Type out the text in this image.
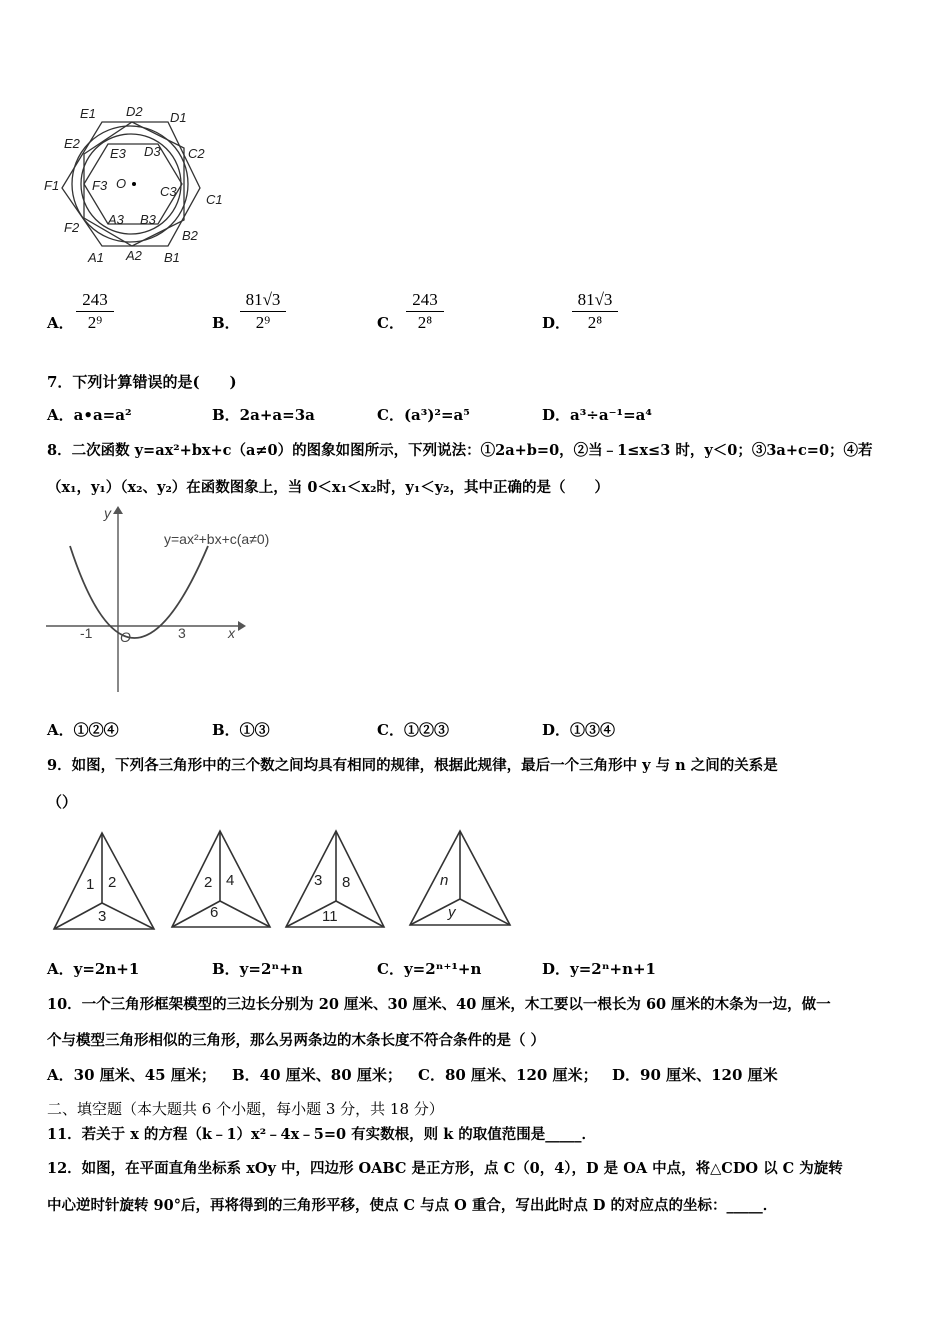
E1 D2 D1
E2
E3 D3 C2
F1	F3 O
C3
C1
F2
A3 B3
B2
A1 A2 B1
A．
243
2⁹	B．
81√3
2⁹	C．
243
2⁸	D．
81√3
2⁸
7．下列计算错误的是(　　)
A．a•a=a²	B．2a+a=3a	C．(a³)²=a⁵	D．a³÷a⁻¹=a⁴
8．二次函数 y=ax²+bx+c（a≠0）的图象如图所示，下列说法：①2a+b=0，②当﹣1≤x≤3 时，y＜0；③3a+c=0；④若
（x₁，y₁）（x₂、y₂）在函数图象上，当 0＜x₁＜x₂时，y₁＜y₂，其中正确的是（　　）
y
x
O
-1	3
y=ax²+bx+c(a≠0)
A．①②④	B．①③	C．①②③	D．①③④
9．如图，下列各三角形中的三个数之间均具有相同的规律，根据此规律，最后一个三角形中 y 与 n 之间的关系是
（）
1 2
3
2 4
6
3 8
11
n
y
A．y=2n+1	B．y=2ⁿ+n	C．y=2ⁿ⁺¹+n	D．y=2ⁿ+n+1
10．一个三角形框架模型的三边长分别为 20 厘米、30 厘米、40 厘米，木工要以一根长为 60 厘米的木条为一边，做一
个与模型三角形相似的三角形，那么另两条边的木条长度不符合条件的是（ ）
A．30 厘米、45 厘米； B．40 厘米、80 厘米； C．80 厘米、120 厘米； D．90 厘米、120 厘米
二、填空题（本大题共 6 个小题，每小题 3 分，共 18 分）
11．若关于 x 的方程（k﹣1）x²﹣4x﹣5=0 有实数根，则 k 的取值范围是_____．
12．如图，在平面直角坐标系 xOy 中，四边形 OABC 是正方形，点 C（0，4），D 是 OA 中点，将△CDO 以 C 为旋转
中心逆时针旋转 90°后，再将得到的三角形平移，使点 C 与点 O 重合，写出此时点 D 的对应点的坐标：_____．
